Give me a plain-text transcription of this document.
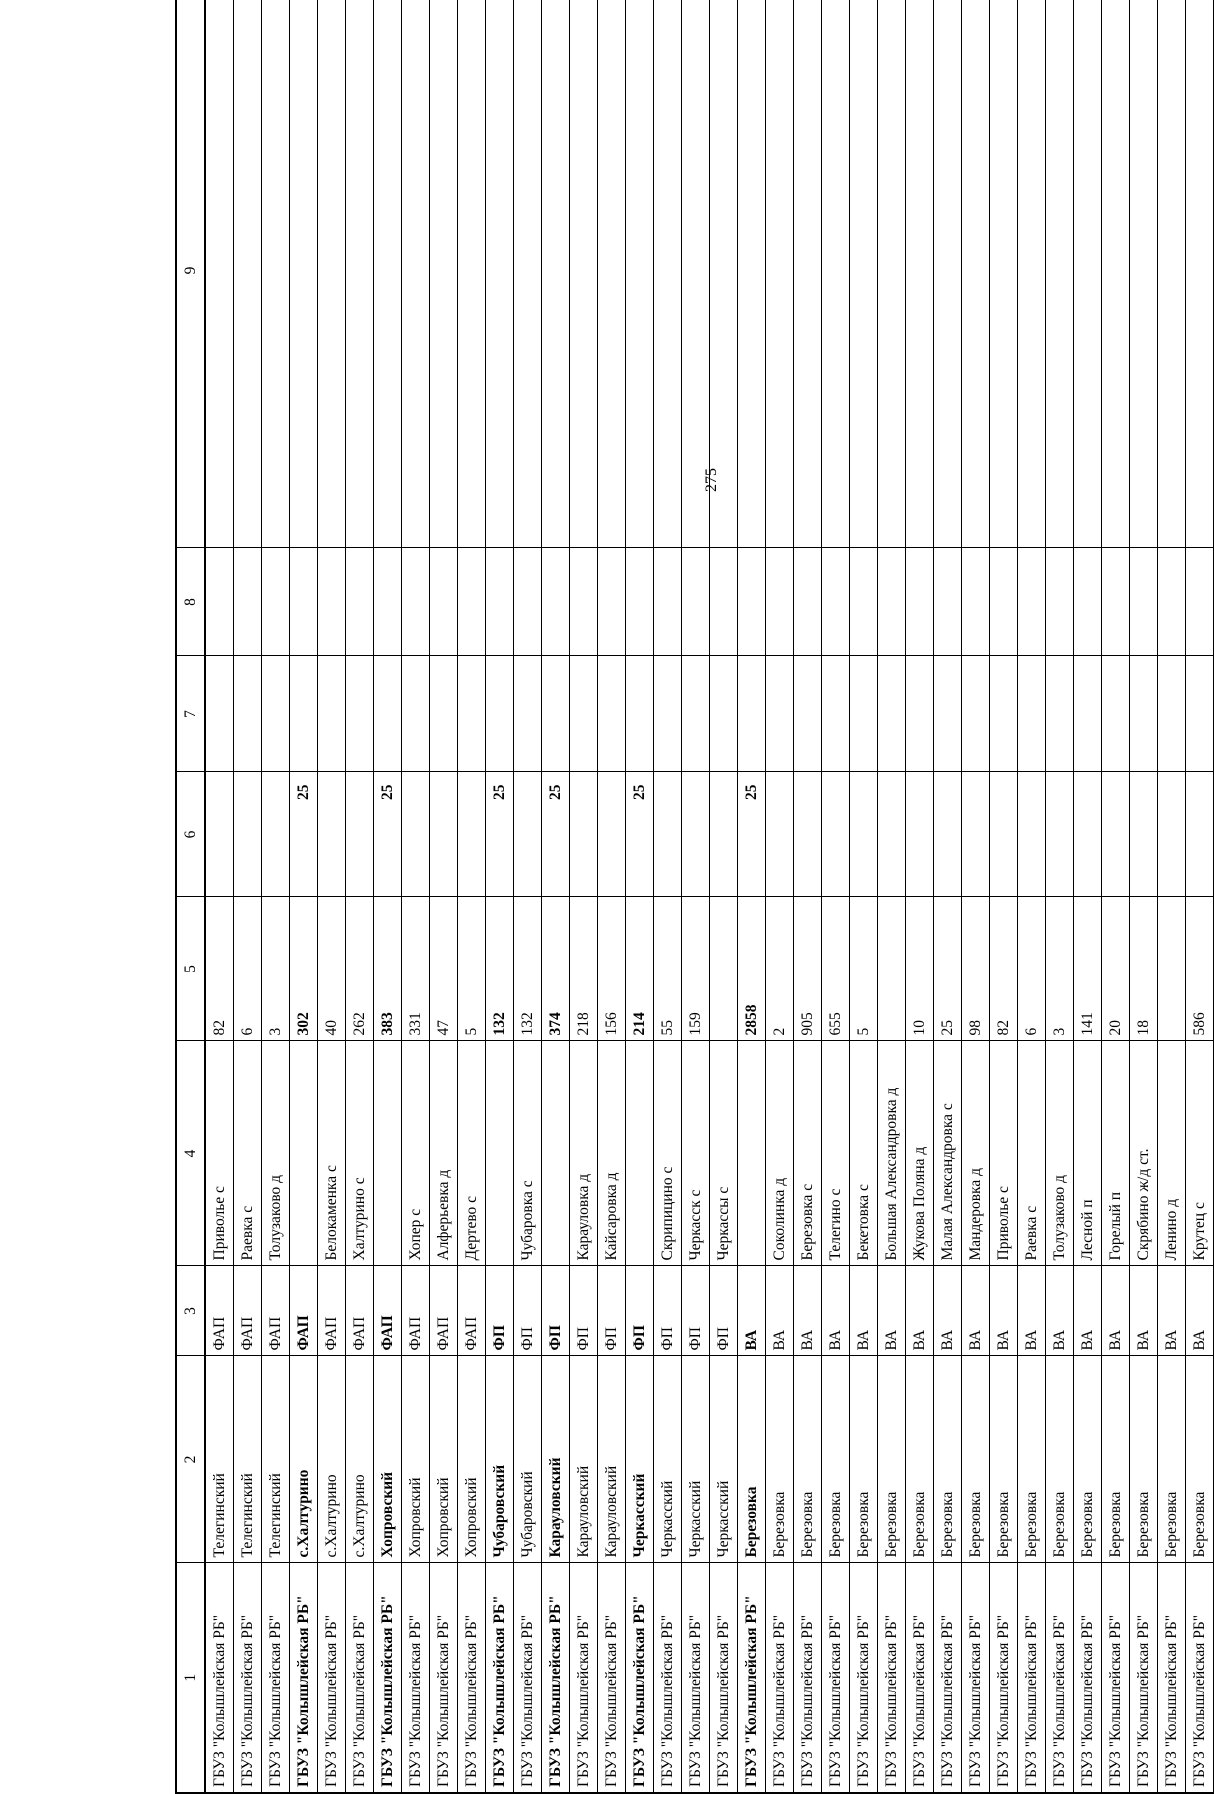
275
1	2	3	4	5	6	7	8	9
ГБУЗ "Колышлейская РБ"	Телегинский	ФАП	Приволье с	82				
ГБУЗ "Колышлейская РБ"	Телегинский	ФАП	Раевка с	6				
ГБУЗ "Колышлейская РБ"	Телегинский	ФАП	Толузаково д	3				
ГБУЗ "Колышлейская РБ"	с.Халтурино	ФАП		302	25			
ГБУЗ "Колышлейская РБ"	с.Халтурино	ФАП	Белокаменка с	40				
ГБУЗ "Колышлейская РБ"	с.Халтурино	ФАП	Халтурино с	262				
ГБУЗ "Колышлейская РБ"	Хопровский	ФАП		383	25			
ГБУЗ "Колышлейская РБ"	Хопровский	ФАП	Хопер с	331				
ГБУЗ "Колышлейская РБ"	Хопровский	ФАП	Алферьевка д	47				
ГБУЗ "Колышлейская РБ"	Хопровский	ФАП	Дертево с	5				
ГБУЗ "Колышлейская РБ"	Чубаровский	ФП		132	25			
ГБУЗ "Колышлейская РБ"	Чубаровский	ФП	Чубаровка с	132				
ГБУЗ "Колышлейская РБ"	Карауловский	ФП		374	25			
ГБУЗ "Колышлейская РБ"	Карауловский	ФП	Карауловка д	218				
ГБУЗ "Колышлейская РБ"	Карауловский	ФП	Кайсаровка д	156				
ГБУЗ "Колышлейская РБ"	Черкасский	ФП		214	25			
ГБУЗ "Колышлейская РБ"	Черкасский	ФП	Скрипицино с	55				
ГБУЗ "Колышлейская РБ"	Черкасский	ФП	Черкасск с	159				
ГБУЗ "Колышлейская РБ"	Черкасский	ФП	Черкассы с					
ГБУЗ "Колышлейская РБ"	Березовка	ВА		2858	25			
ГБУЗ "Колышлейская РБ"	Березовка	ВА	Соколинка д	2				
ГБУЗ "Колышлейская РБ"	Березовка	ВА	Березовка с	905				
ГБУЗ "Колышлейская РБ"	Березовка	ВА	Телегино с	655				
ГБУЗ "Колышлейская РБ"	Березовка	ВА	Бекетовка с	5				
ГБУЗ "Колышлейская РБ"	Березовка	ВА	Большая Александровка д					
ГБУЗ "Колышлейская РБ"	Березовка	ВА	Жукова Поляна д	10				
ГБУЗ "Колышлейская РБ"	Березовка	ВА	Малая Александровка с	25				
ГБУЗ "Колышлейская РБ"	Березовка	ВА	Мандеровка д	98				
ГБУЗ "Колышлейская РБ"	Березовка	ВА	Приволье с	82				
ГБУЗ "Колышлейская РБ"	Березовка	ВА	Раевка с	6				
ГБУЗ "Колышлейская РБ"	Березовка	ВА	Толузаково д	3				
ГБУЗ "Колышлейская РБ"	Березовка	ВА	Лесной п	141				
ГБУЗ "Колышлейская РБ"	Березовка	ВА	Горелый п	20				
ГБУЗ "Колышлейская РБ"	Березовка	ВА	Скрябино ж/д ст.	18				
ГБУЗ "Колышлейская РБ"	Березовка	ВА	Ленино д					
ГБУЗ "Колышлейская РБ"	Березовка	ВА	Крутец с	586				
